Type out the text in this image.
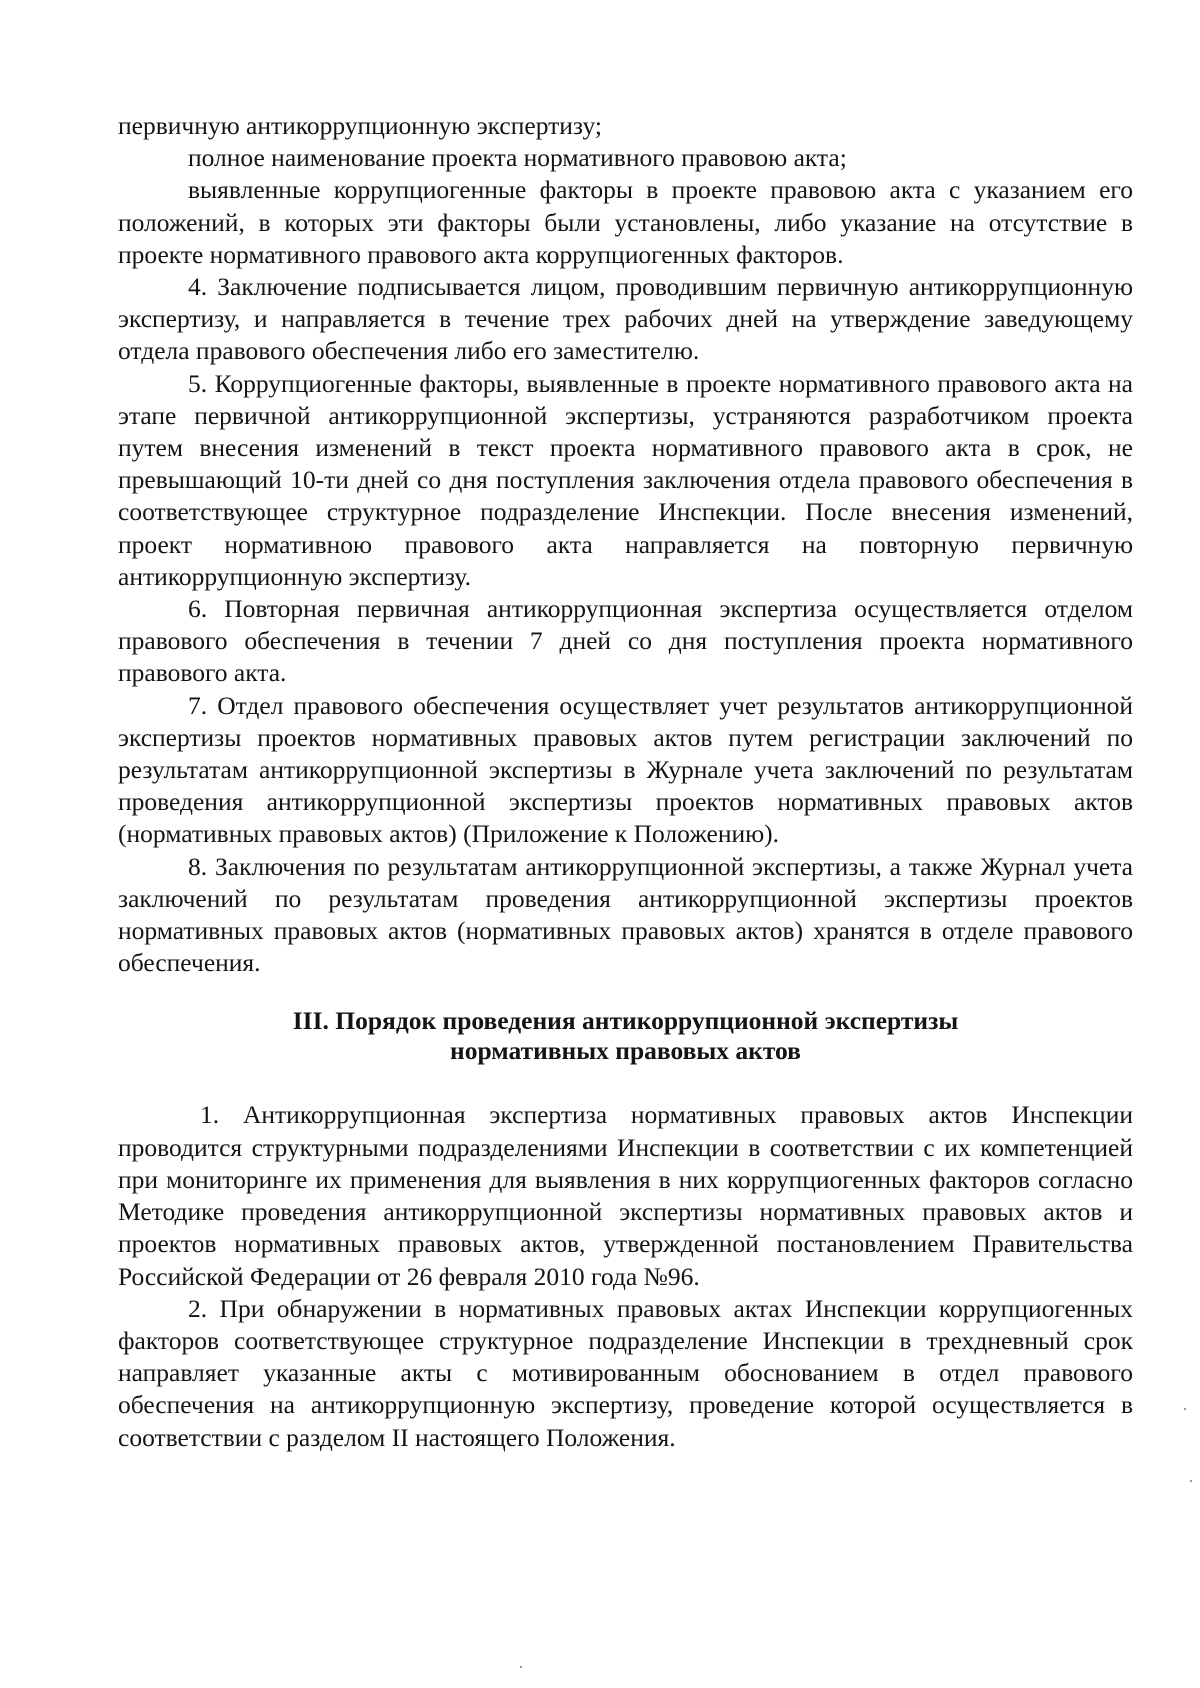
первичную антикоррупционную экспертизу;

полное наименование проекта нормативного правовою акта;

выявленные коррупциогенные факторы в проекте правовою акта с указанием его положений, в которых эти факторы были установлены, либо указание на отсутствие в проекте нормативного правового акта коррупциогенных факторов.

4. Заключение подписывается лицом, проводившим первичную антикоррупционную экспертизу, и направляется в течение трех рабочих дней на утверждение заведующему отдела правового обеспечения либо его заместителю.

5. Коррупциогенные факторы, выявленные в проекте нормативного правового акта на этапе первичной антикоррупционной экспертизы, устраняются разработчиком проекта путем внесения изменений в текст проекта нормативного правового акта в срок, не превышающий 10-ти дней со дня поступления заключения отдела правового обеспечения в соответствующее структурное подразделение Инспекции. После внесения изменений, проект нормативною правового акта направляется на повторную первичную антикоррупционную экспертизу.

6. Повторная первичная антикоррупционная экспертиза осуществляется отделом правового обеспечения в течении 7 дней со дня поступления проекта нормативного правового акта.

7. Отдел правового обеспечения осуществляет учет результатов антикоррупционной экспертизы проектов нормативных правовых актов путем регистрации заключений по результатам антикоррупционной экспертизы в Журнале учета заключений по результатам проведения антикоррупционной экспертизы проектов нормативных правовых актов (нормативных правовых актов) (Приложение к Положению).

8. Заключения по результатам антикоррупционной экспертизы, а также Журнал учета заключений по результатам проведения антикоррупционной экспертизы проектов нормативных правовых актов (нормативных правовых актов) хранятся в отделе правового обеспечения.

III. Порядок проведения антикоррупционной экспертизы
нормативных правовых актов

1. Антикоррупционная экспертиза нормативных правовых актов Инспекции проводится структурными подразделениями Инспекции в соответствии с их компетенцией при мониторинге их применения для выявления в них коррупциогенных факторов согласно Методике проведения антикоррупционной экспертизы нормативных правовых актов и проектов нормативных правовых актов, утвержденной постановлением Правительства Российской Федерации от 26 февраля 2010 года №96.

2. При обнаружении в нормативных правовых актах Инспекции коррупциогенных факторов соответствующее структурное подразделение Инспекции в трехдневный срок направляет указанные акты с мотивированным обоснованием в отдел правового обеспечения на антикоррупционную экспертизу, проведение которой осуществляется в соответствии с разделом II настоящего Положения.
